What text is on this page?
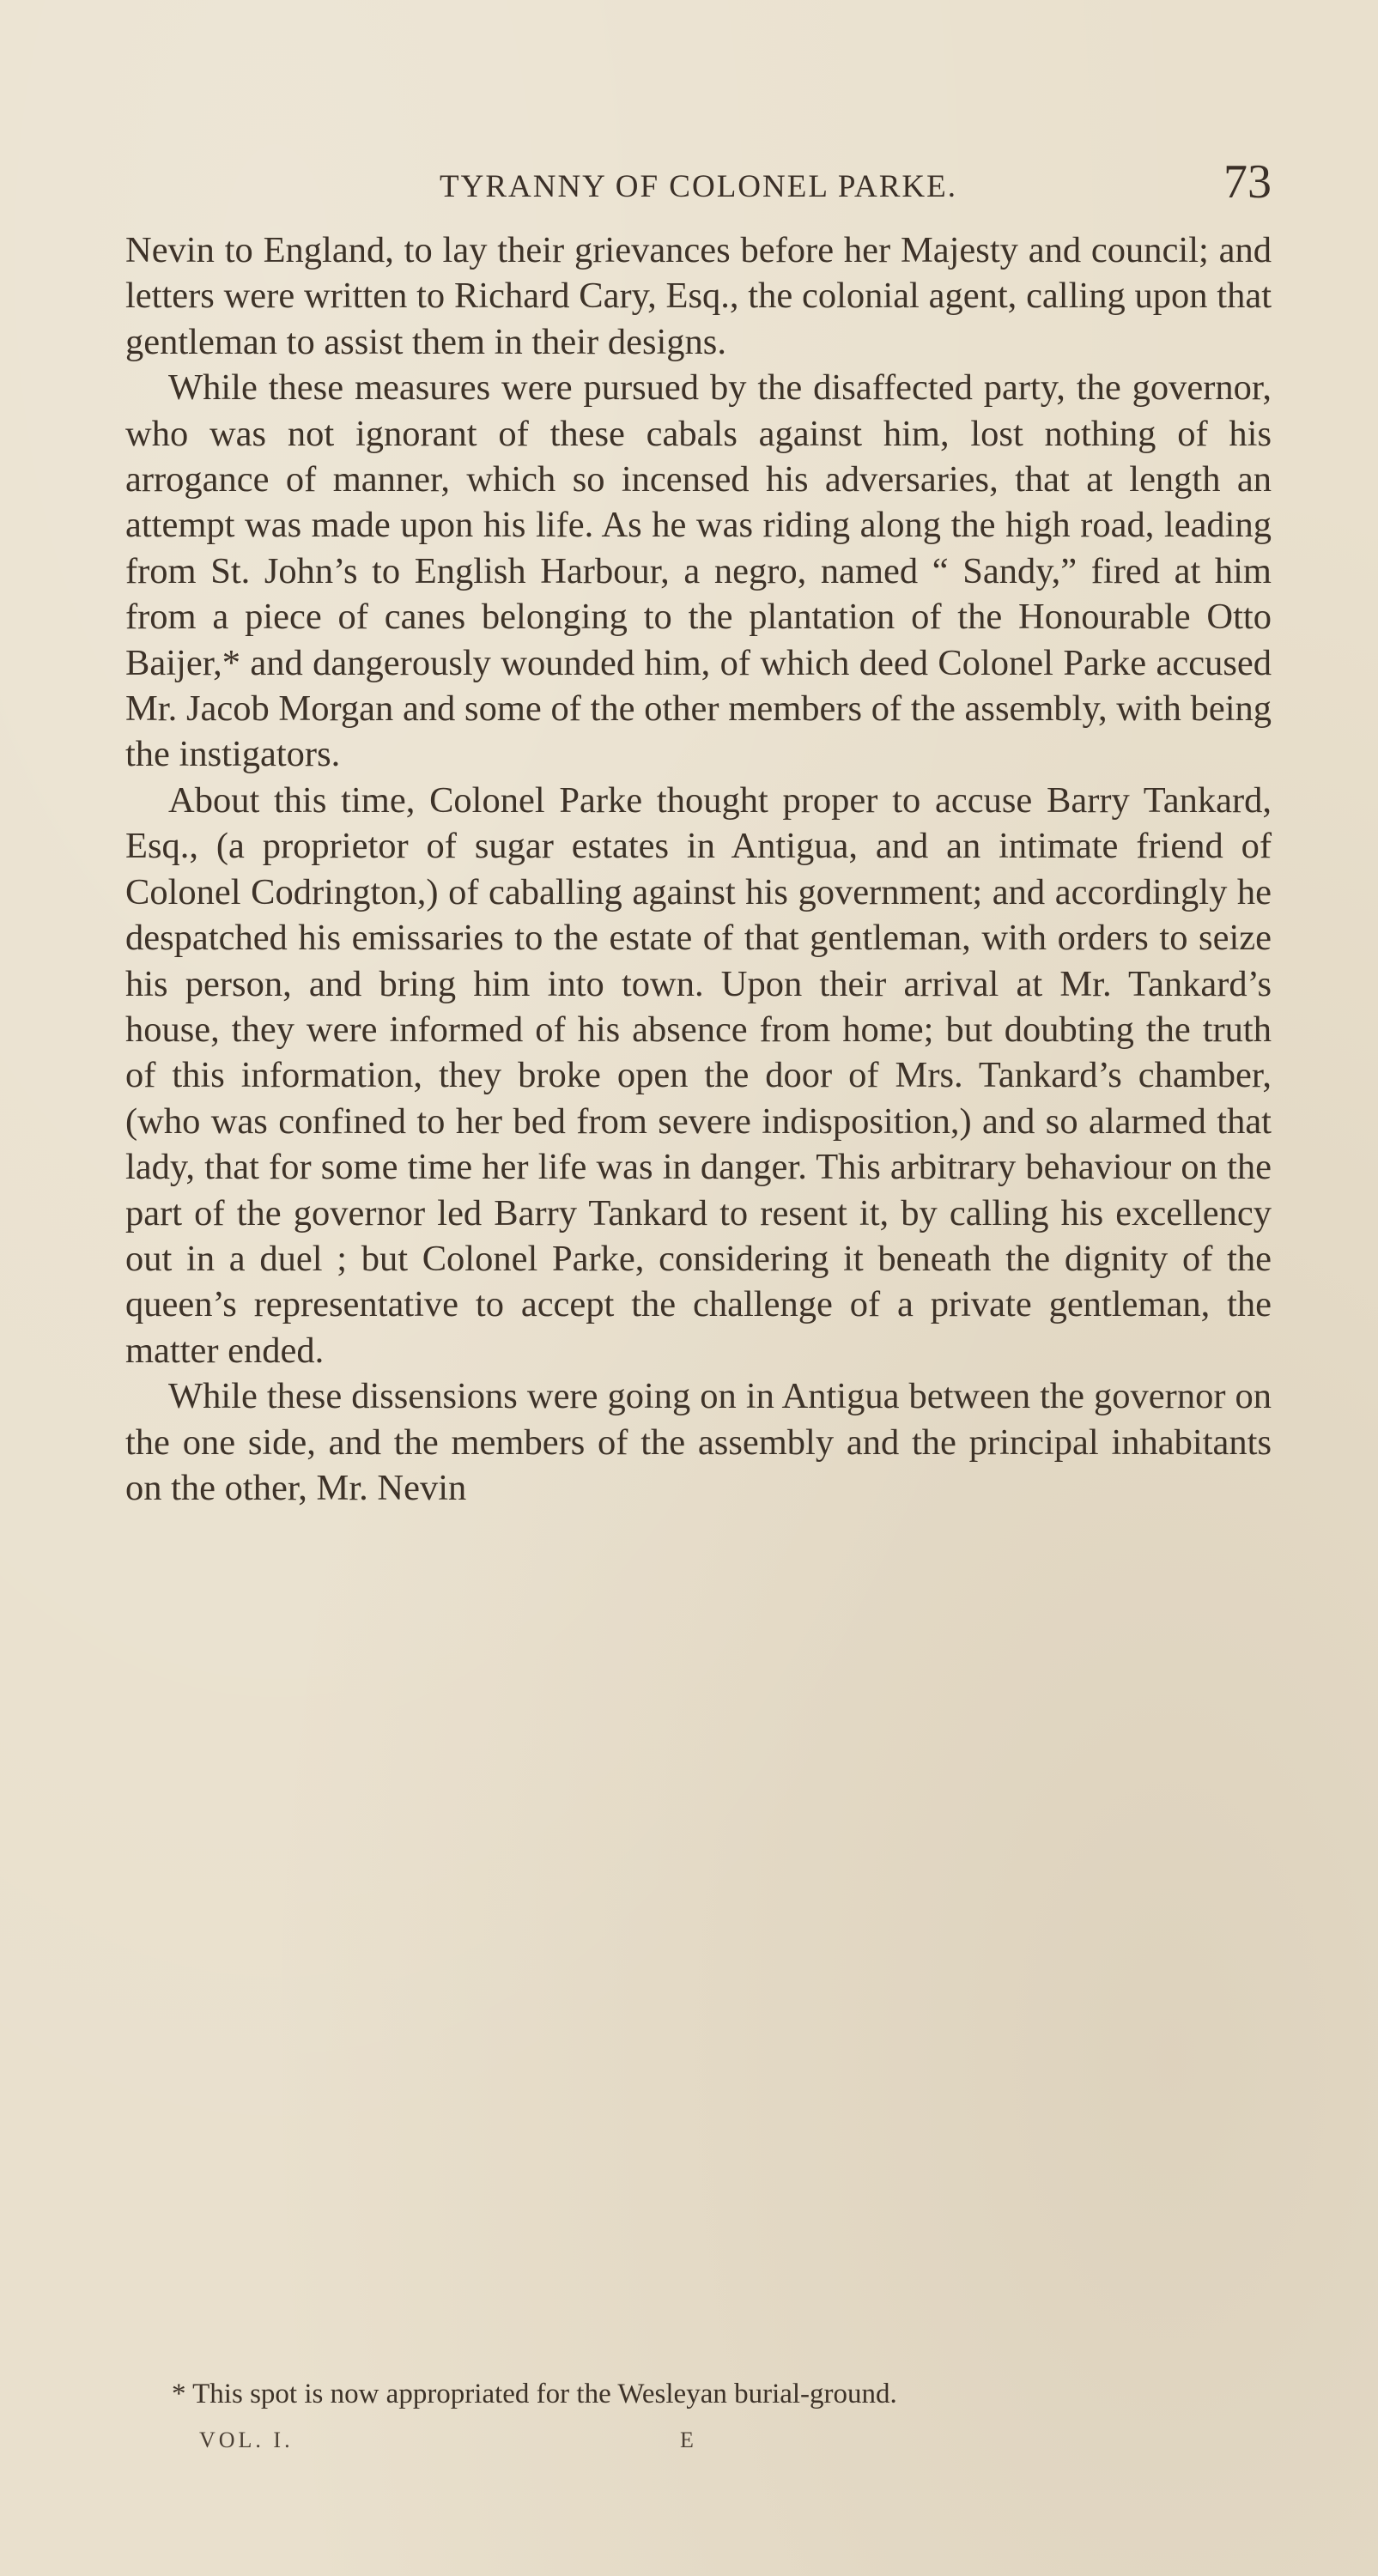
TYRANNY OF COLONEL PARKE.	73

Nevin to England, to lay their grievances before her Majesty and council; and letters were written to Richard Cary, Esq., the colonial agent, calling upon that gentleman to assist them in their designs.

While these measures were pursued by the disaffected party, the governor, who was not ignorant of these cabals against him, lost nothing of his arrogance of manner, which so incensed his adversaries, that at length an attempt was made upon his life. As he was riding along the high road, leading from St. John’s to English Harbour, a negro, named “ Sandy,” fired at him from a piece of canes belonging to the plantation of the Honourable Otto Baijer,* and dangerously wounded him, of which deed Colonel Parke accused Mr. Jacob Morgan and some of the other members of the assembly, with being the instigators.

About this time, Colonel Parke thought proper to accuse Barry Tankard, Esq., (a proprietor of sugar estates in Antigua, and an intimate friend of Colonel Codrington,) of caballing against his government; and accordingly he despatched his emissaries to the estate of that gentleman, with orders to seize his person, and bring him into town. Upon their arrival at Mr. Tankard’s house, they were informed of his absence from home; but doubting the truth of this information, they broke open the door of Mrs. Tankard’s chamber, (who was confined to her bed from severe indisposition,) and so alarmed that lady, that for some time her life was in danger. This arbitrary behaviour on the part of the governor led Barry Tankard to resent it, by calling his excellency out in a duel ; but Colonel Parke, considering it beneath the dignity of the queen’s representative to accept the challenge of a private gentleman, the matter ended.

While these dissensions were going on in Antigua between the governor on the one side, and the members of the assembly and the principal inhabitants on the other, Mr. Nevin

* This spot is now appropriated for the Wesleyan burial-ground.
VOL. I.	E
